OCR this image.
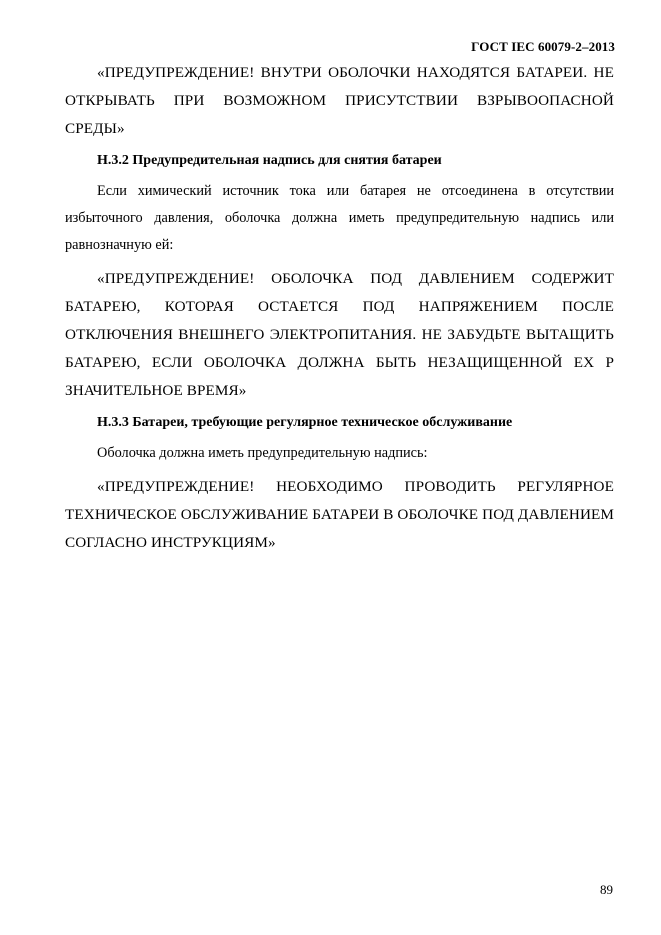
ГОСТ IEC 60079-2–2013

«ПРЕДУПРЕЖДЕНИЕ! ВНУТРИ ОБОЛОЧКИ НАХОДЯТСЯ БАТАРЕИ. НЕ ОТКРЫВАТЬ ПРИ ВОЗМОЖНОМ ПРИСУТСТВИИ ВЗРЫВООПАСНОЙ СРЕДЫ»

Н.3.2 Предупредительная надпись для снятия батареи

Если химический источник тока или батарея не отсоединена в отсутствии избыточного давления, оболочка должна иметь предупредительную надпись или равнозначную ей:

«ПРЕДУПРЕЖДЕНИЕ! ОБОЛОЧКА ПОД ДАВЛЕНИЕМ СОДЕРЖИТ БАТАРЕЮ, КОТОРАЯ ОСТАЕТСЯ ПОД НАПРЯЖЕНИЕМ ПОСЛЕ ОТКЛЮЧЕНИЯ ВНЕШНЕГО ЭЛЕКТРОПИТАНИЯ. НЕ ЗАБУДЬТЕ ВЫТАЩИТЬ БАТАРЕЮ, ЕСЛИ ОБОЛОЧКА ДОЛЖНА БЫТЬ НЕЗАЩИЩЕННОЙ ЕХ Р ЗНАЧИТЕЛЬНОЕ ВРЕМЯ»

Н.3.3 Батареи, требующие регулярное техническое обслуживание

Оболочка должна иметь предупредительную надпись:

«ПРЕДУПРЕЖДЕНИЕ! НЕОБХОДИМО ПРОВОДИТЬ РЕГУЛЯРНОЕ ТЕХНИЧЕСКОЕ ОБСЛУЖИВАНИЕ БАТАРЕИ В ОБОЛОЧКЕ ПОД ДАВЛЕНИЕМ СОГЛАСНО ИНСТРУКЦИЯМ»

89
